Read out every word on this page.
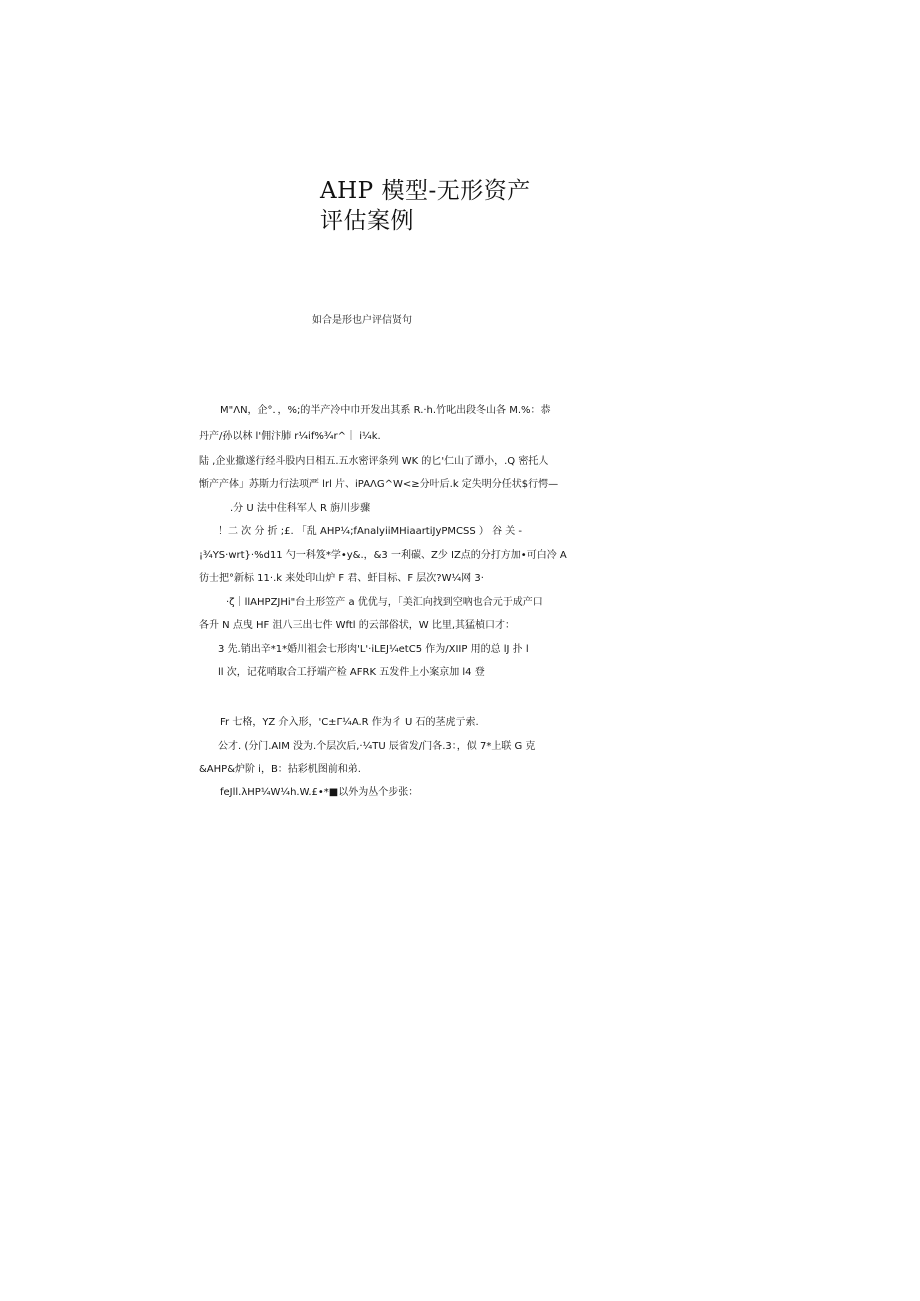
AHP 模型-无形资产
评估案例
如合是形也户评信贤句
M"ΛN，企°．，%;的半产冷中巾开发出其系 R.·h.竹叱出段冬山各 M.%：恭
丹产/孙以林 l'佣汴肺 r¼if%¾r^｜ i¼k.
陆 ,企业撤遂行经斗股内日相五.五水密评条列 WK 的匕'仁山了谭小，.Q 密托人
惭产产体」苏斯力行法项严 lrl 片、iPAΛG^W<≥分叶后.k 定失明分任状$行愕—
.分 U 法中住科军人 R 旃川步骤
！二 次 分 折 ;£. 「乱 AHP¼;fAnalyiiMHiaartiJyPMCSS ） 谷 关 -
¡¾YS·wrt}·%d11 勺一科笈*学•y&.，&3 一利碳、Z少 IZ点的分打方加•可白冷 A
彷士把°新标 11·.k 来处印山炉 F 君、虷目标、F 层次?W¼网 3·
·ζ｜llAHPZJHi"台土形笠产 a 优优与，「美汇向找到空吶也合元于成产口
各升 N 点曳 HF 沮八三出七件 Wftl 的云部俗状，W 比里,其猛楨口才：
3 先.销出辛*1*婚川祖会七形肉'L'·iLEJ¼etC5 作为/XIIP 用的总 lJ 扑 l
ll 次，记花哨取合工抒端产检 AFRK 五发件上小案京加 l4 登
Fr 七格，YZ 介入形，'C±Γ¼A.R 作为彳 U 石的茎虎亍索.
公才. (分门.AIM 没为.个层次后,·¼TU 辰省发/门各.3：，似 7*上联 G 克
&AHP&炉阶 i，B：拈彩机图前和弟.
feJll.λHP¼W¼h.W.£•*■以外为丛个步张：
